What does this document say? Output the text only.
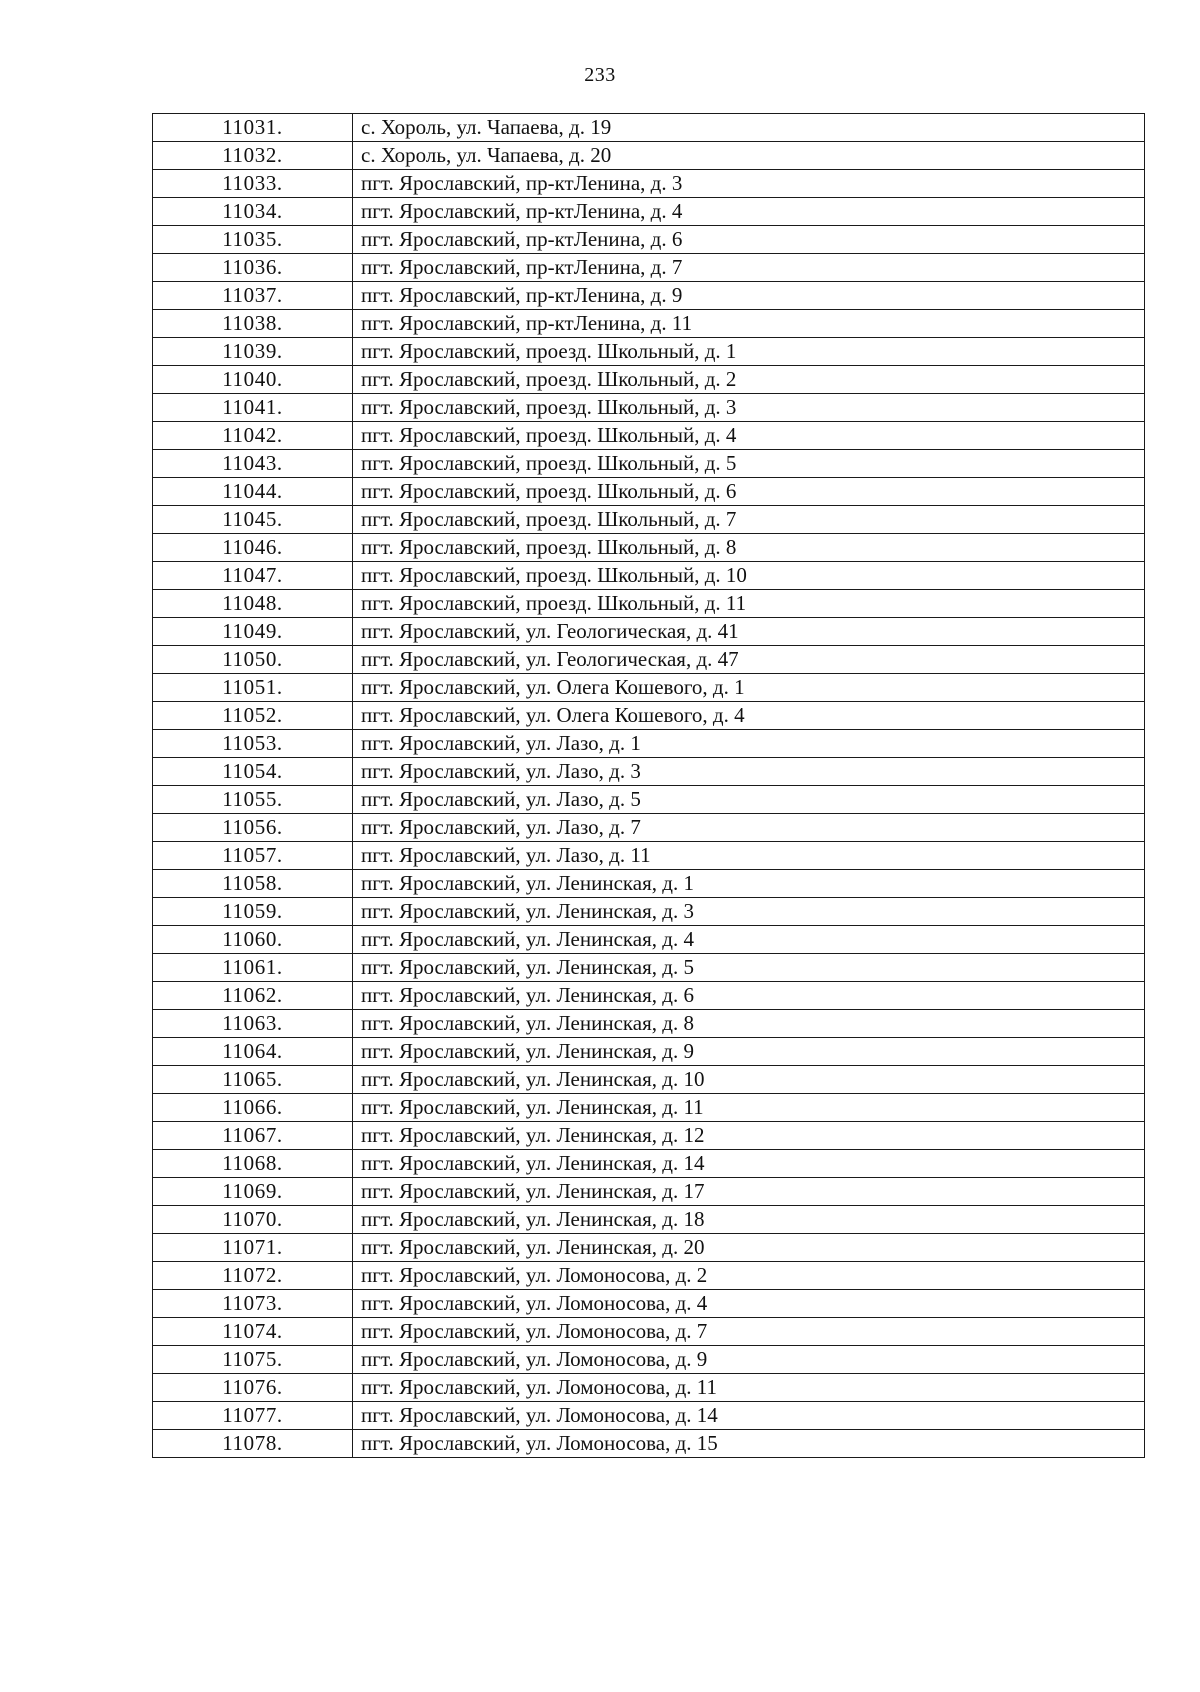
233
11031.	с. Хороль, ул. Чапаева, д. 19
11032.	с. Хороль, ул. Чапаева, д. 20
11033.	пгт. Ярославский, пр-ктЛенина, д. 3
11034.	пгт. Ярославский, пр-ктЛенина, д. 4
11035.	пгт. Ярославский, пр-ктЛенина, д. 6
11036.	пгт. Ярославский, пр-ктЛенина, д. 7
11037.	пгт. Ярославский, пр-ктЛенина, д. 9
11038.	пгт. Ярославский, пр-ктЛенина, д. 11
11039.	пгт. Ярославский, проезд. Школьный, д. 1
11040.	пгт. Ярославский, проезд. Школьный, д. 2
11041.	пгт. Ярославский, проезд. Школьный, д. 3
11042.	пгт. Ярославский, проезд. Школьный, д. 4
11043.	пгт. Ярославский, проезд. Школьный, д. 5
11044.	пгт. Ярославский, проезд. Школьный, д. 6
11045.	пгт. Ярославский, проезд. Школьный, д. 7
11046.	пгт. Ярославский, проезд. Школьный, д. 8
11047.	пгт. Ярославский, проезд. Школьный, д. 10
11048.	пгт. Ярославский, проезд. Школьный, д. 11
11049.	пгт. Ярославский, ул. Геологическая, д. 41
11050.	пгт. Ярославский, ул. Геологическая, д. 47
11051.	пгт. Ярославский, ул. Олега Кошевого, д. 1
11052.	пгт. Ярославский, ул. Олега Кошевого, д. 4
11053.	пгт. Ярославский, ул. Лазо, д. 1
11054.	пгт. Ярославский, ул. Лазо, д. 3
11055.	пгт. Ярославский, ул. Лазо, д. 5
11056.	пгт. Ярославский, ул. Лазо, д. 7
11057.	пгт. Ярославский, ул. Лазо, д. 11
11058.	пгт. Ярославский, ул. Ленинская, д. 1
11059.	пгт. Ярославский, ул. Ленинская, д. 3
11060.	пгт. Ярославский, ул. Ленинская, д. 4
11061.	пгт. Ярославский, ул. Ленинская, д. 5
11062.	пгт. Ярославский, ул. Ленинская, д. 6
11063.	пгт. Ярославский, ул. Ленинская, д. 8
11064.	пгт. Ярославский, ул. Ленинская, д. 9
11065.	пгт. Ярославский, ул. Ленинская, д. 10
11066.	пгт. Ярославский, ул. Ленинская, д. 11
11067.	пгт. Ярославский, ул. Ленинская, д. 12
11068.	пгт. Ярославский, ул. Ленинская, д. 14
11069.	пгт. Ярославский, ул. Ленинская, д. 17
11070.	пгт. Ярославский, ул. Ленинская, д. 18
11071.	пгт. Ярославский, ул. Ленинская, д. 20
11072.	пгт. Ярославский, ул. Ломоносова, д. 2
11073.	пгт. Ярославский, ул. Ломоносова, д. 4
11074.	пгт. Ярославский, ул. Ломоносова, д. 7
11075.	пгт. Ярославский, ул. Ломоносова, д. 9
11076.	пгт. Ярославский, ул. Ломоносова, д. 11
11077.	пгт. Ярославский, ул. Ломоносова, д. 14
11078.	пгт. Ярославский, ул. Ломоносова, д. 15
